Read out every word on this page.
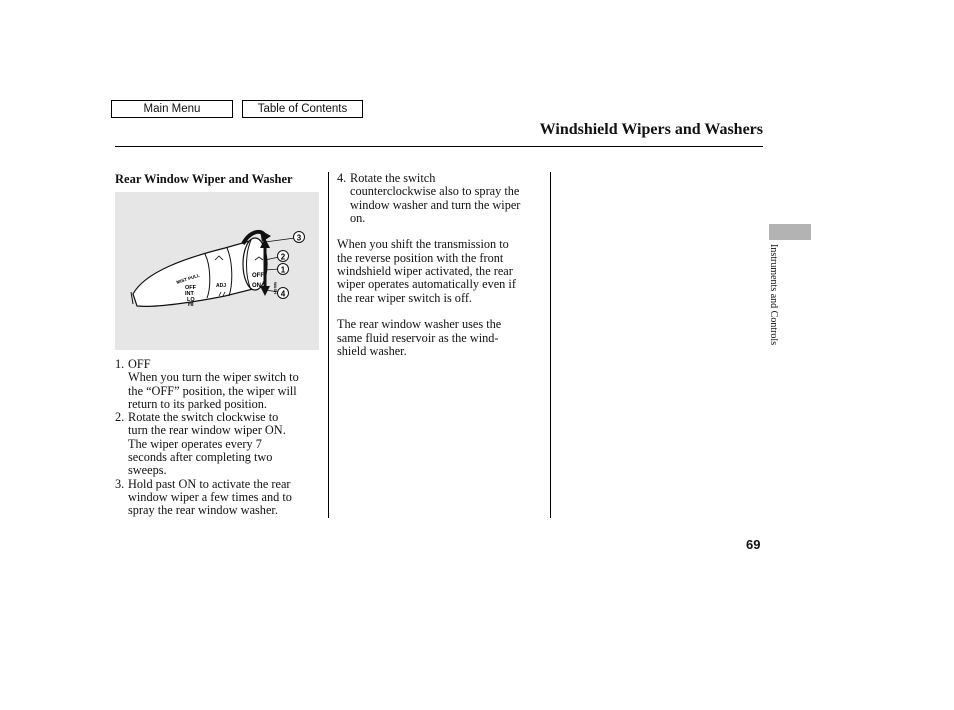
Main Menu	Table of Contents
Windshield Wipers and Washers
Rear Window Wiper and Washer
3
2
1
4
MIST PULL
OFF
INT
LO
HI
ADJ
OFF
ON	WASH
1. OFF
When you turn the wiper switch to
the “OFF” position, the wiper will
return to its parked position.
2. Rotate the switch clockwise to
turn the rear window wiper ON.
The wiper operates every 7
seconds after completing two
sweeps.
3. Hold past ON to activate the rear
window wiper a few times and to
spray the rear window washer.
4. Rotate the switch
counterclockwise also to spray the
window washer and turn the wiper
on.

When you shift the transmission to
the reverse position with the front
windshield wiper activated, the rear
wiper operates automatically even if
the rear wiper switch is off.

The rear window washer uses the
same fluid reservoir as the wind-
shield washer.

Instruments and Controls
69
